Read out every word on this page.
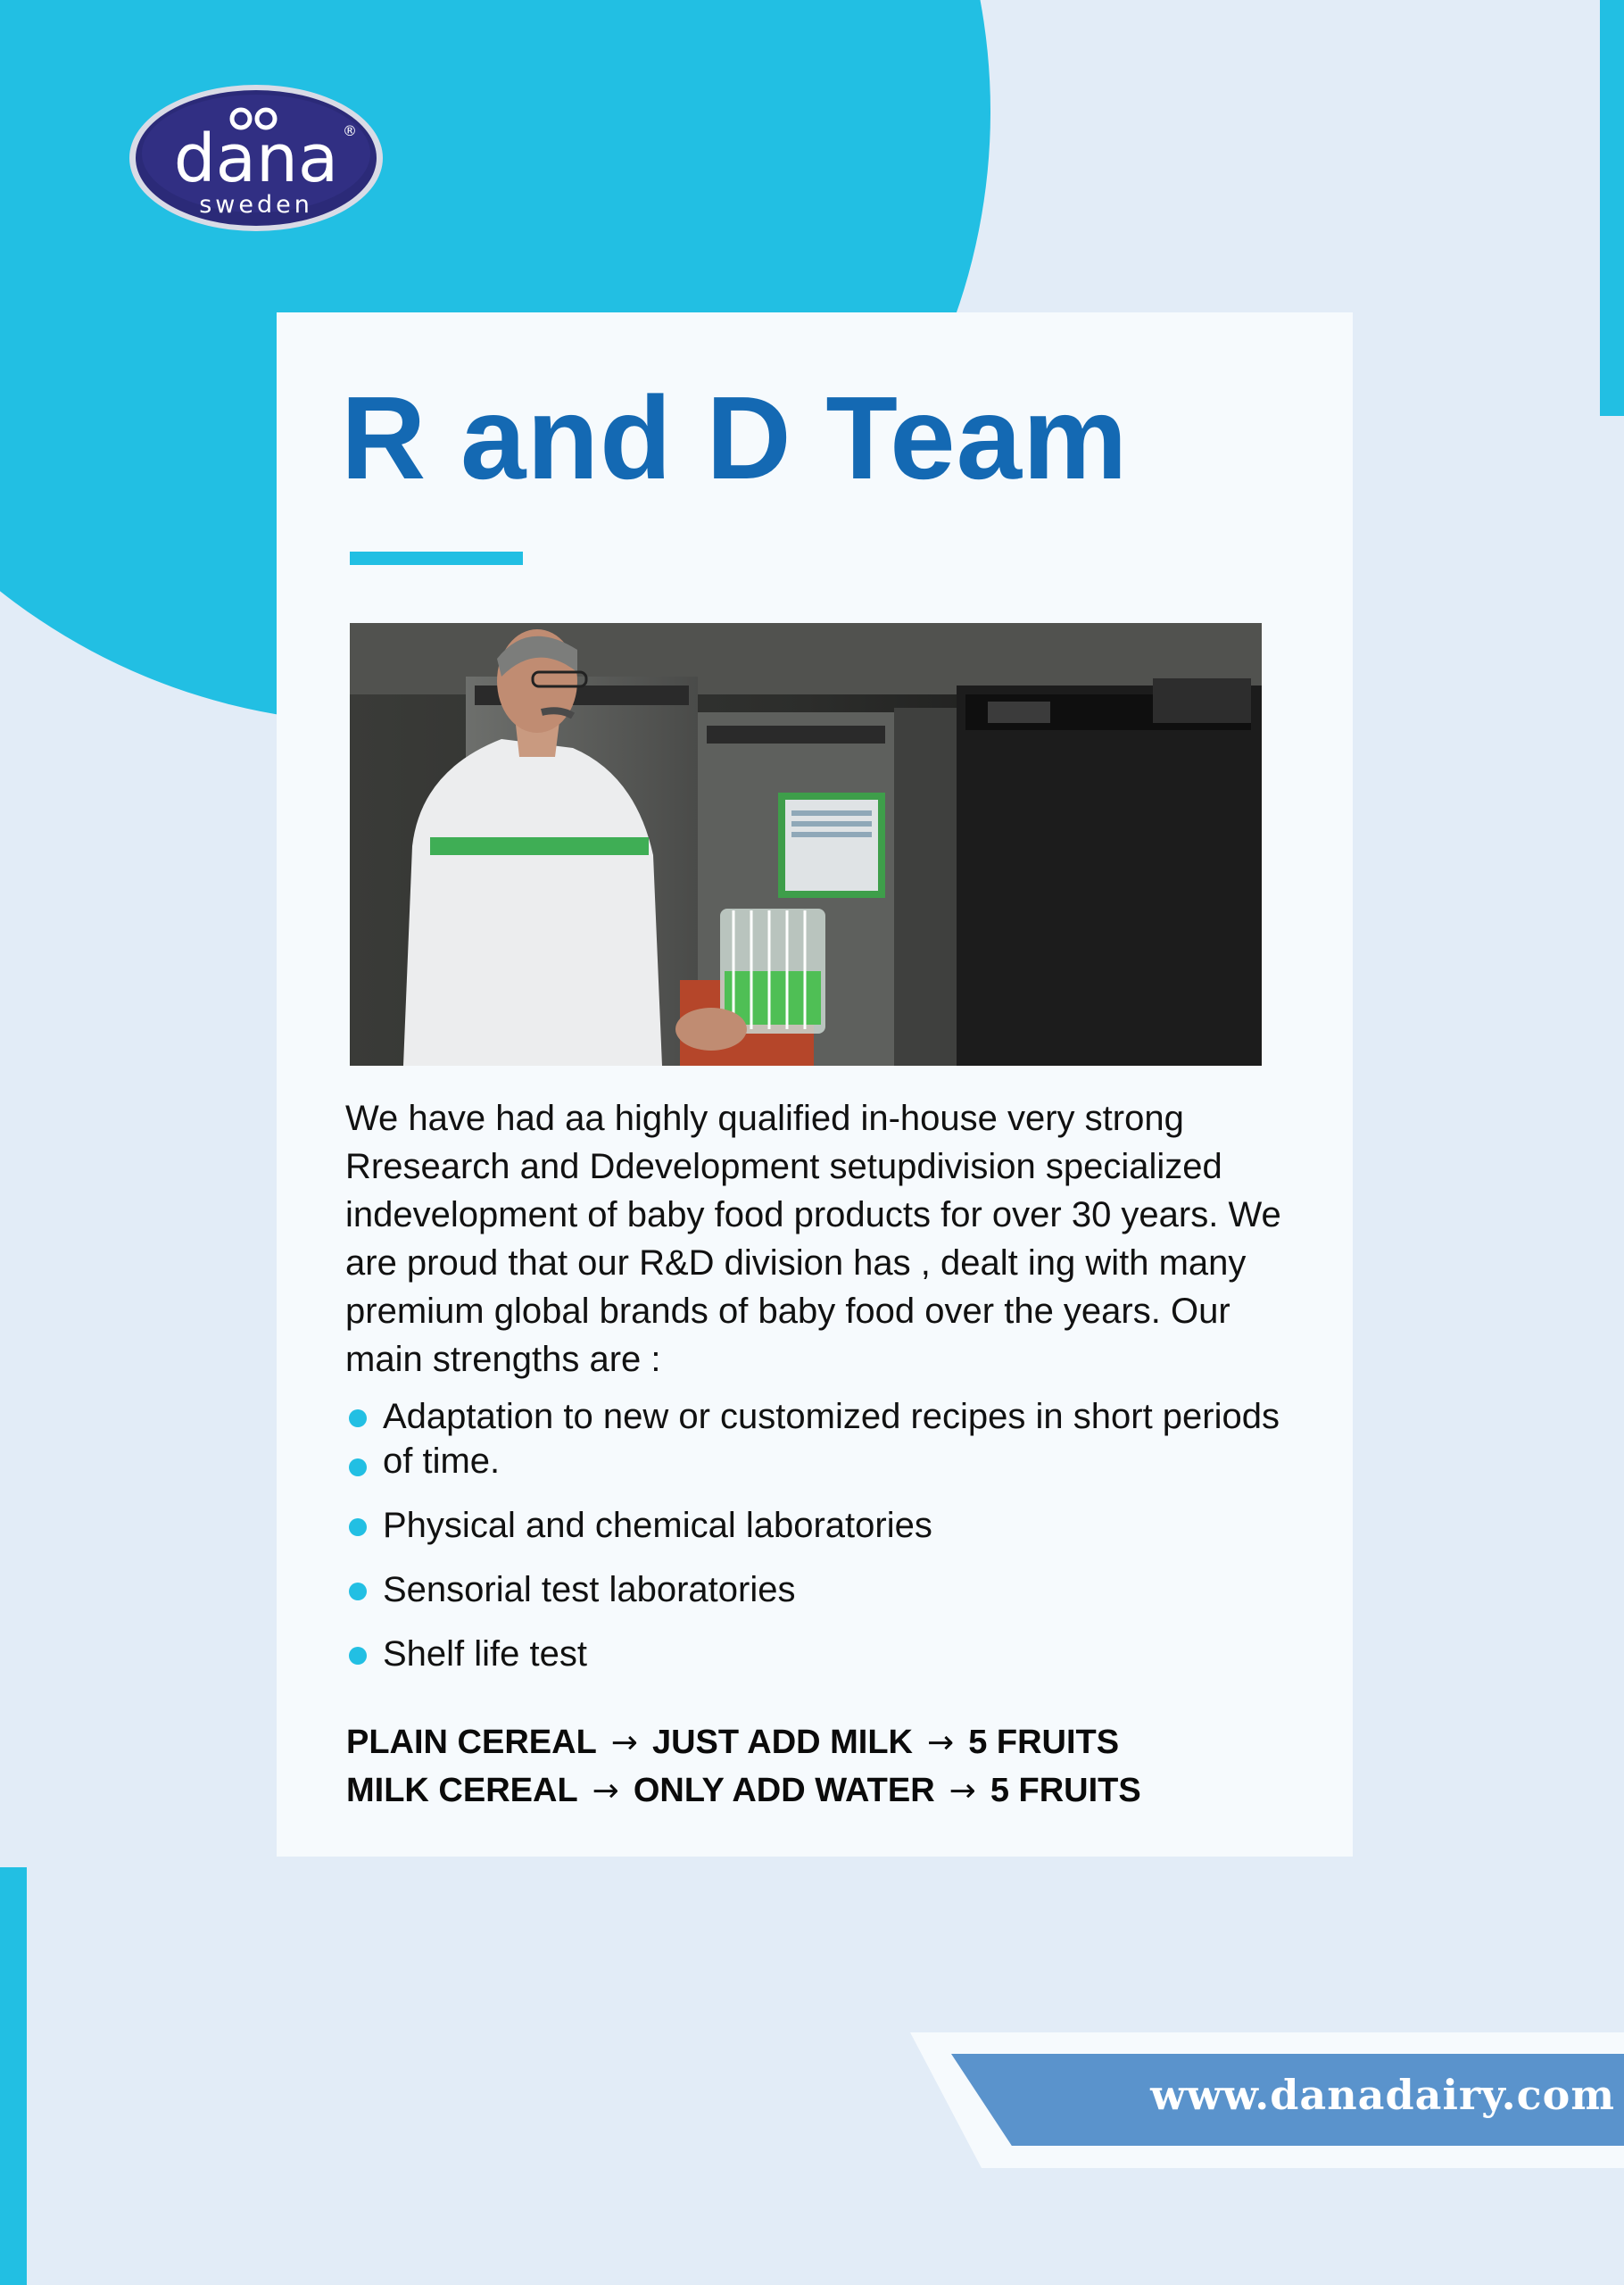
dana
sweden
®
R and D Team

We have had aa highly qualified in-house very strong Rresearch and Ddevelopment setupdivision specialized indevelopment of baby food products for over 30 years. We are proud that our R&D division has , dealt ing with many premium global brands of baby food over the years. Our main strengths are :

Adaptation to new or customized recipes in short periods of time.
Physical and chemical laboratories
Sensorial test laboratories
Shelf life test
PLAIN CEREAL → JUST ADD MILK → 5 FRUITS
MILK CEREAL → ONLY ADD WATER → 5 FRUITS
www.danadairy.com
